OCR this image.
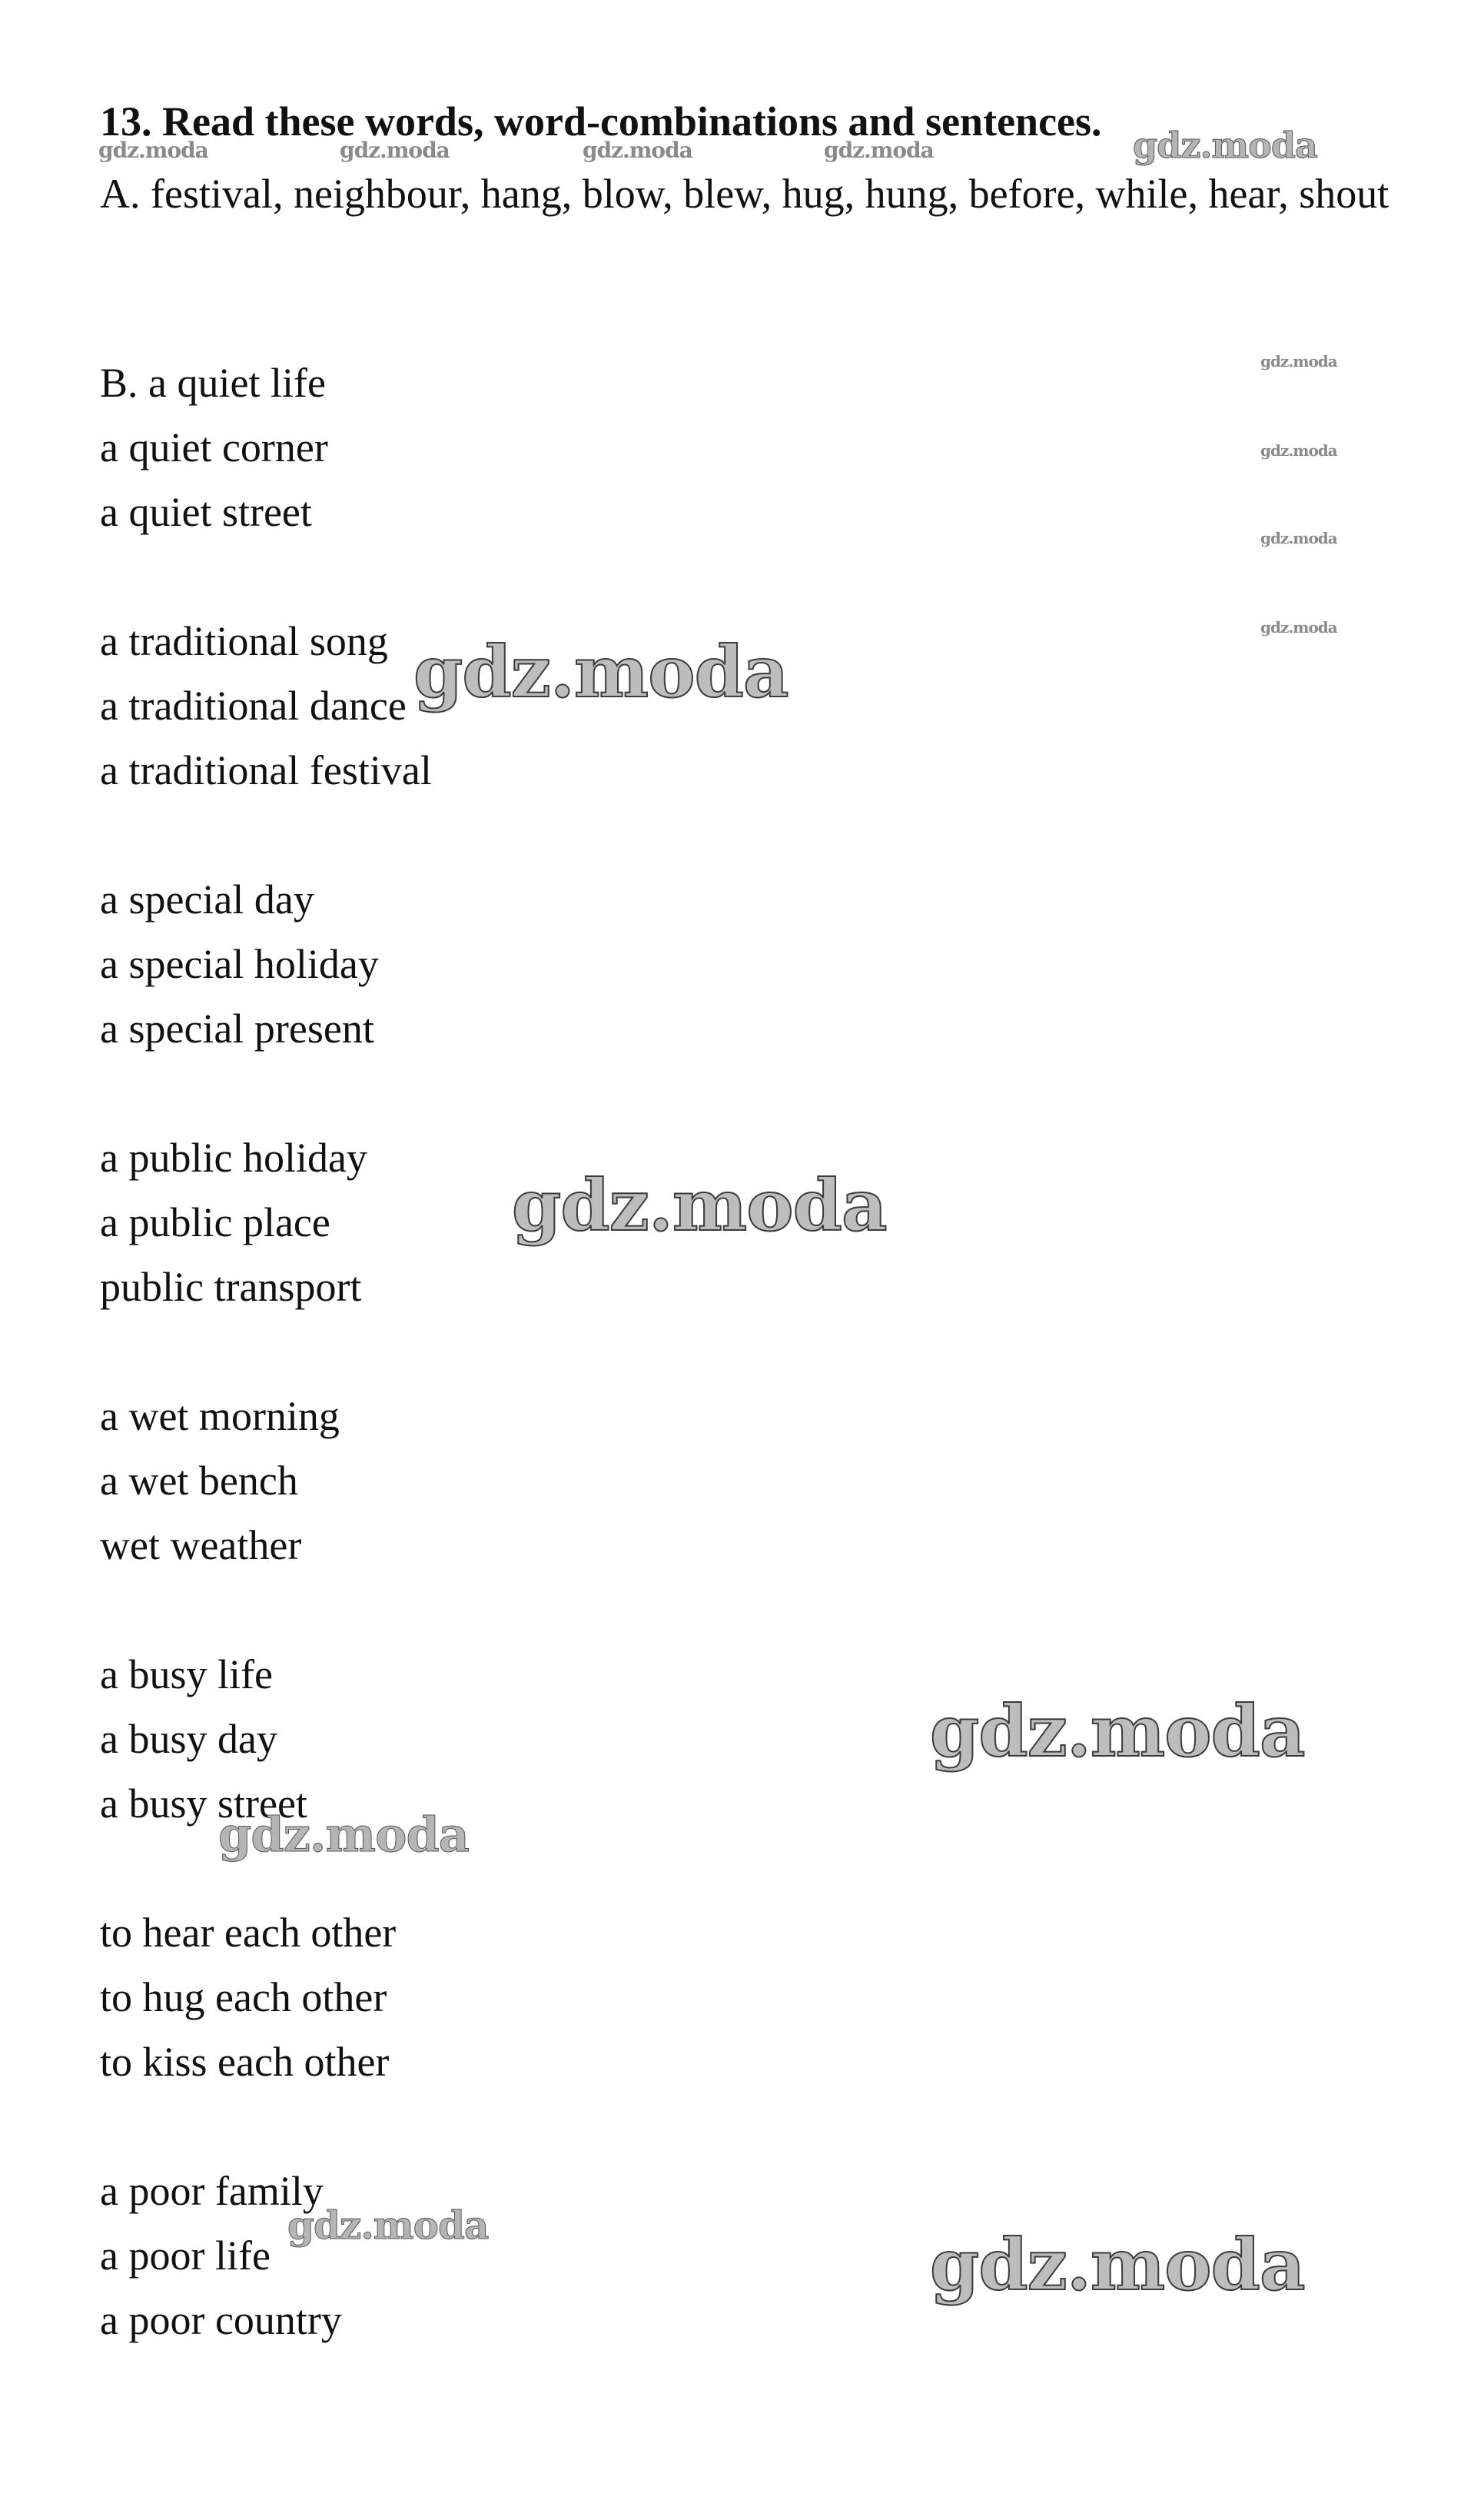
13. Read these words, word-combinations and sentences.

A. festival, neighbour, hang, blow, blew, hug, hung, before, while, hear, shout

B. a quiet life
a quiet corner
a quiet street
a traditional song
a traditional dance
a traditional festival
a special day
a special holiday
a special present
a public holiday
a public place
public transport
a wet morning
a wet bench
wet weather
a busy life
a busy day
a busy street
to hear each other
to hug each other
to kiss each other
a poor family
a poor life
a poor country
gdz.moda	gdz.moda	gdz.moda	gdz.moda	gdz.moda
gdz.moda
gdz.moda
gdz.moda
gdz.moda
gdz.moda
gdz.moda
gdz.moda
gdz.moda
gdz.moda	gdz.moda
